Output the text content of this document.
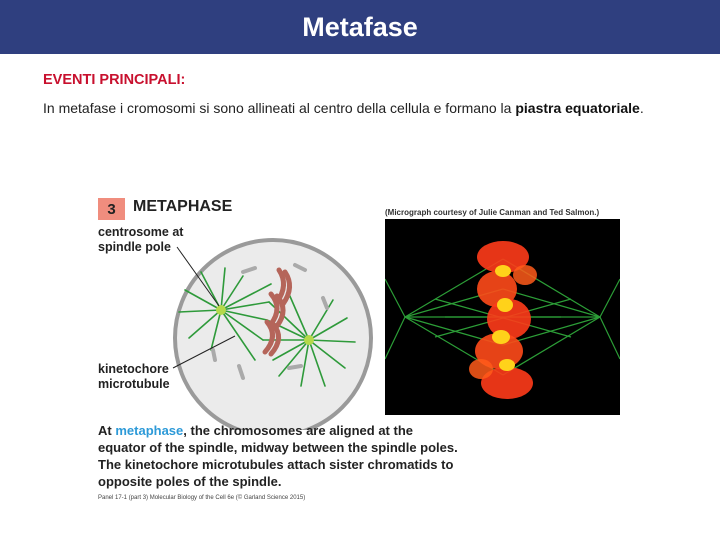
Metafase
EVENTI PRINCIPALI:
In metafase i cromosomi si sono allineati al centro della cellula e formano la piastra equatoriale.
3	METAPHASE
centrosome at
spindle pole
kinetochore
microtubule
(Micrograph courtesy of Julie Canman and Ted Salmon.)
At metaphase, the chromosomes are aligned at the equator of the spindle, midway between the spindle poles. The kinetochore microtubules attach sister chromatids to opposite poles of the spindle.
Panel 17-1 (part 3) Molecular Biology of the Cell 6e (© Garland Science 2015)
